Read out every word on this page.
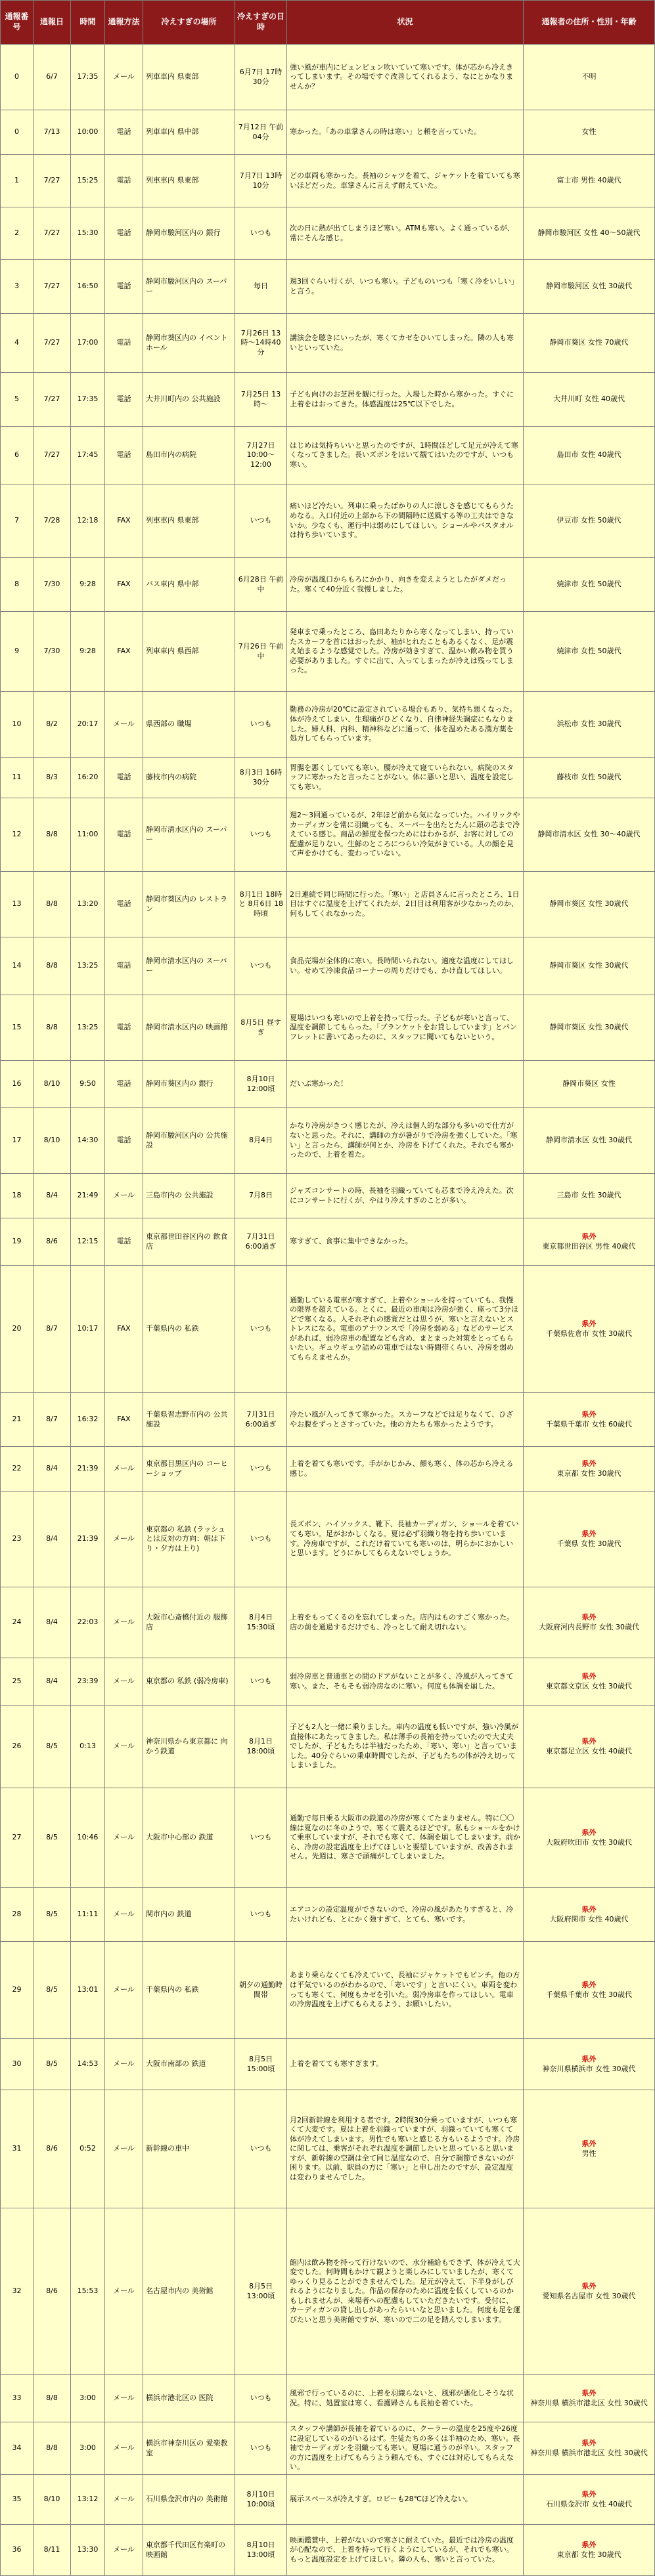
通報番号	通報日	時間	通報方法	冷えすぎの場所	冷えすぎの日時	状況	通報者の住所・性別・年齢
0	6/7	17:35	メール	列車車内 県東部	6月7日 17時30分	強い風が車内にビュンビュン吹いていて寒いです。体が芯から冷えきってしまいます。その場ですぐ改善してくれるよう、なにとかなりませんか？	不明

0	7/13	10:00	電話	列車車内 県中部	7月12日 午前04分	寒かった。「あの車掌さんの時は寒い」と頼を言っていた。	女性

1	7/27	15:25	電話	列車車内 県東部	7月7日 13時10分	どの車両も寒かった。長袖のシャツを着て、ジャケットを着ていても寒いほどだった。車掌さんに言えず耐えていた。	富士市 男性 40歳代

2	7/27	15:30	電話	静岡市駿河区内の 銀行	いつも	次の日に熱が出てしまうほど寒い。ATMも寒い。よく通っているが、常にそんな感じ。	静岡市駿河区 女性 40～50歳代

3	7/27	16:50	電話	静岡市駿河区内の スーパー	毎日	週3回ぐらい行くが、いつも寒い。子どものいつも「寒く冷をいしい」と言う。	静岡市駿河区 女性 30歳代

4	7/27	17:00	電話	静岡市葵区内の イベントホール	7月26日 13時～14時40分	講演会を聴きにいったが、寒くてカゼをひいてしまった。隣の人も寒いといっていた。	静岡市葵区 女性 70歳代

5	7/27	17:35	電話	大井川町内の 公共施設	7月25日 13時～	子ども向けのお芝居を観に行った。入場した時から寒かった。すぐに上着をはおってきた。体感温度は25℃以下でした。	大井川町 女性 40歳代

6	7/27	17:45	電話	島田市内の病院	7月27日 10:00～12:00	はじめは気持ちいいと思ったのですが、1時間ほどして足元が冷えて寒くなってきました。長いズボンをはいて観てはいたのですが、いつも寒い。	島田市 女性 40歳代

7	7/28	12:18	FAX	列車車内 県東部	いつも	痛いほど冷たい。列車に乗ったばかりの人に涼しさを感じてもらうためなる。入口付近の上部から下の間隔時に送風する等の工夫はできないか。少なくも、運行中は弱めにしてほしい。ショールやバスタオルは持ち歩いています。	伊豆市 女性 50歳代

8	7/30	9:28	FAX	バス車内 県中部	6月28日 午前中	冷房が温風口からもろにかかり、向きを変えようとしたがダメだった。寒くて40分近く我慢しました。	焼津市 女性 50歳代

9	7/30	9:28	FAX	列車車内 県西部	7月26日 午前中	発車まで乗ったところ、島田あたりから寒くなってしまい、持っていたスカーフを首にはおったが、袖がとれたこともあるくなく、足が震え始まるような感覚でした。冷房が効きすぎて、温かい飲み物を買う必要がありました。すぐに出て、入ってしまったが冷えは残ってしまった。	焼津市 女性 50歳代

10	8/2	20:17	メール	県西部の 職場	いつも	勤務の冷房が20℃に設定されている場合もあり、気持ち悪くなった。体が冷えてしまい、生理痛がひどくなり、自律神経失調症にもなりました。婦人科、内科、精神科などに通って、体を温めたある漢方薬を処方してもらっています。	浜松市 女性 30歳代

11	8/3	16:20	電話	藤枝市内の病院	8月3日 16時30分	胃腸を悪くしていても寒い。腰が冷えて寝ていられない。病院のスタッフに寒かったと言ったことがない。体に悪いと思い、温度を設定しても寒い。	藤枝市 女性 50歳代

12	8/8	11:00	電話	静岡市清水区内の スーパー	いつも	週2～3回通っているが、2年ほど前から気になっていた。ハイリックやカーディガンを常に羽織っても、スーパーを出たとたんに頭の芯まで冷えている感じ。商品の鮮度を保つためにはわかるが、お客に対しての配慮が足りない。生鮮のところにつらい冷気がきている。人の顔を見て声をかけても、変わっていない。	静岡市清水区 女性 30～40歳代

13	8/8	13:20	電話	静岡市葵区内の レストラン	8月1日 18時と 8月6日 18時頃	2日連続で同じ時間に行った。「寒い」と店員さんに言ったところ、1日目はすぐに温度を上げてくれたが、2日目は利用客が少なかったのか、何もしてくれなかった。	静岡市葵区 女性 30歳代

14	8/8	13:25	電話	静岡市清水区内の スーパー	いつも	食品売場が全体的に寒い。長時間いられない。適度な温度にしてほしい。せめて冷凍食品コーナーの周りだけでも、かけ直してほしい。	静岡市葵区 女性 30歳代

15	8/8	13:25	電話	静岡市清水区内の 映画館	8月5日 昼すぎ	夏場はいつも寒いので上着を持って行った。子どもが寒いと言って、温度を調節してもらった。「ブランケットをお貸ししています」とパンフレットに書いてあったのに、スタッフに聞いてもないという。	静岡市葵区 女性 30歳代

16	8/10	9:50	電話	静岡市葵区内の 銀行	8月10日 12:00頃	だいぶ寒かった！	静岡市葵区 女性

17	8/10	14:30	電話	静岡市駿河区内の 公共施設	8月4日	かなり冷房がきつく感じたが、冷えは個人的な部分も多いので仕方がないと思った。それに、講師の方が暑がりで冷房を強くしていた。「寒い」と言ったら、講師が何とか、冷房を下げてくれた。それでも寒かったので、上着を着た。	静岡市清水区 女性 30歳代

18	8/4	21:49	メール	三島市内の 公共施設	7月8日	ジャズコンサートの時、長袖を羽織っていても芯まで冷え冷えた。次にコンサートに行くが、やはり冷えすぎのことが多い。	三島市 女性 30歳代

19	8/6	12:15	電話	東京都世田谷区内の 飲食店	7月31日 6:00過ぎ	寒すぎて、食事に集中できなかった。	県外
東京都世田谷区 男性 40歳代

20	8/7	10:17	FAX	千葉県内の 私鉄	いつも	通勤している電車が寒すぎて、上着やショールを持っていても、我慢の限界を超えている。とくに、最近の車両は冷房が強く、座って3分ほどで寒くなる。人それぞれの感覚だとは思うが、寒いと言えないとストレスになる。電車のアナウンスで「冷房を弱める」などのサービスがあれば、弱冷房車の配置なども含め、まとまった対策をとってもらいたい。ギュウギュウ詰めの電車ではない時間帯くらい、冷房を弱めてもらえませんか。	県外
千葉県佐倉市 女性 30歳代

21	8/7	16:32	FAX	千葉県習志野市内の 公共施設	7月31日 6:00過ぎ	冷たい風が入ってきて寒かった。スカーフなどでは足りなくて、ひざやお腹をずっとさすっていた。他の方たちも寒かったようです。	県外
千葉県千葉市 女性 60歳代

22	8/4	21:39	メール	東京都目黒区内の コーヒーショップ	いつも	上着を着ても寒いです。手がかじかみ、顔も寒く、体の芯から冷える感じ。	県外
東京都 女性 30歳代

23	8/4	21:39	メール	東京都の 私鉄 (ラッシュとは反対の方向：朝は下り・夕方は上り)	いつも	長ズボン、ハイソックス、靴下、長袖カーディガン、ショールを着ていても寒い。足がおかしくなる。夏は必ず羽織り物を持ち歩いています。冷房車ですが、これだけ着ていても寒いのは、明らかにおかしいと思います。どうにかしてもらえないでしょうか。	県外
千葉県 女性 30歳代

24	8/4	22:03	メール	大阪市心斎橋付近の 服飾店	8月4日 15:30頃	上着をもってくるのを忘れてしまった。店内はものすごく寒かった。店の前を通過するだけでも、冷っとして耐え切れない。	県外
大阪府河内長野市 女性 30歳代

25	8/4	23:39	メール	東京都の 私鉄 (弱冷房車)	いつも	弱冷房車と普通車との間のドアがないことが多く、冷風が入ってきて寒い。また、そもそも弱冷房なのに寒い。何度も体調を崩した。	県外
東京都文京区 女性 30歳代

26	8/5	0:13	メール	神奈川県から東京都に 向かう鉄道	8月1日 18:00頃	子ども2人と一緒に乗りました。車内の温度も低いですが、強い冷風が直接体にあたってきました。私は薄手の長袖を持っていたので大丈夫でしたが、子どもたちは半袖だったため、「寒い、寒い」と言っていました。40分ぐらいの乗車時間でしたが、子どもたちの体が冷え切ってしまいました。	県外
東京都足立区 女性 40歳代

27	8/5	10:46	メール	大阪市中心部の 鉄道	いつも	通勤で毎日乗る大阪市の鉄道の冷房が寒くてたまりません。特に〇〇線は夏なのに冬のようで、寒くて震えるほどです。私もショールをかけて乗車していますが、それでも寒くて、体調を崩してしまいます。前から、冷房の設定温度を上げてほしいと要望していますが、改善されません。先週は、寒さで頭痛がしてしまいました。	県外
大阪府吹田市 女性 30歳代

28	8/5	11:11	メール	関市内の 鉄道	いつも	エアコンの設定温度ができないので、冷房の風があたりすぎると、冷たいけれども、とにかく強すぎて、とても、寒いです。	県外
大阪府関市 女性 40歳代

29	8/5	13:01	メール	千葉県内の 私鉄	朝夕の通勤時間帯	あまり乗らなくても冷えていて、長袖にジャケットでもピンチ。他の方は平気でいるのがわかるので、「寒いです」と言いにくい。車両を変わっても寒くて、何度もカゼを引いた。弱冷房車を作ってほしい。電車の冷房温度を上げてもらえるよう、お願いしたい。	県外
千葉県千葉市 女性 30歳代

30	8/5	14:53	メール	大阪市南部の 鉄道	8月5日 15:00頃	上着を着てても寒すぎます。	県外
神奈川県横浜市 女性 30歳代

31	8/6	0:52	メール	新幹線の車中	いつも	月2回新幹線を利用する者です。2時間30分乗っていますが、いつも寒くて大変です。夏は上着を羽織っていますが、羽織っていても寒くて体が冷えてしまいます。男性でも寒いと感じる方もいるようです。冷房に関しては、乗客がそれぞれ温度を調節したいと思っていると思いますが、新幹線の空調は全て同じ温度なので、自分で調節できないのが困ります。以前、駅員の方に「寒い」と申し出たのですが、設定温度は変わりませんでした。	県外
男性

32	8/6	15:53	メール	名古屋市内の 美術館	8月5日 13:00頃	館内は飲み物を持って行けないので、水分補給もできず、体が冷えて大変でした。何時間もかけて観ようと楽しみにしていましたが、寒くてゆっくり見ることができませんでした。足元が冷えて、下半身がしびれるようになりました。作品の保存のために温度を低くしているのかもしれませんが、来場者への配慮もしていただきたいです。受付に、カーディガンの貸し出しがあったらいいなと思いました。何度も足を運びたいと思う美術館ですが、寒いので二の足を踏んでしまいます。	県外
愛知県名古屋市 女性 30歳代

33	8/8	3:00	メール	横浜市港北区の 医院	いつも	風邪で行っているのに、上着を羽織らないと、風邪が悪化しそうな状況。特に、処置室は寒く、看護婦さんも長袖を着ていた。	県外
神奈川県 横浜市港北区 女性 30歳代

34	8/8	3:00	メール	横浜市神奈川区の 愛楽教室	いつも	スタッフや講師が長袖を着ているのに、クーラーの温度を25度や26度に設定しているのがいるはず。生徒たちの多くは半袖のため、寒い。長袖でカーディガンを羽織っても寒い。夏場に通うのが辛い。スタッフの方に温度を上げてもらうよう頼んでも、すぐには対応してもらえない。	県外
神奈川県 横浜市港北区 女性 30歳代

35	8/10	13:12	メール	石川県金沢市内の 美術館	8月10日 10:00頃	展示スペースが冷えすぎ。ロビーも28℃ほど冷えない。	県外
石川県金沢市 女性 40歳代

36	8/11	13:30	メール	東京都千代田区有楽町の映画館	8月10日 13:00頃	映画鑑賞中、上着がないので寒さに耐えていた。最近では冷房の温度が心配なので、上着を持って行くようにしているが、それでも寒い。もっと温度設定を上げてほしい。隣の人も、寒いと言っていた。	県外
東京都 女性 30歳代
